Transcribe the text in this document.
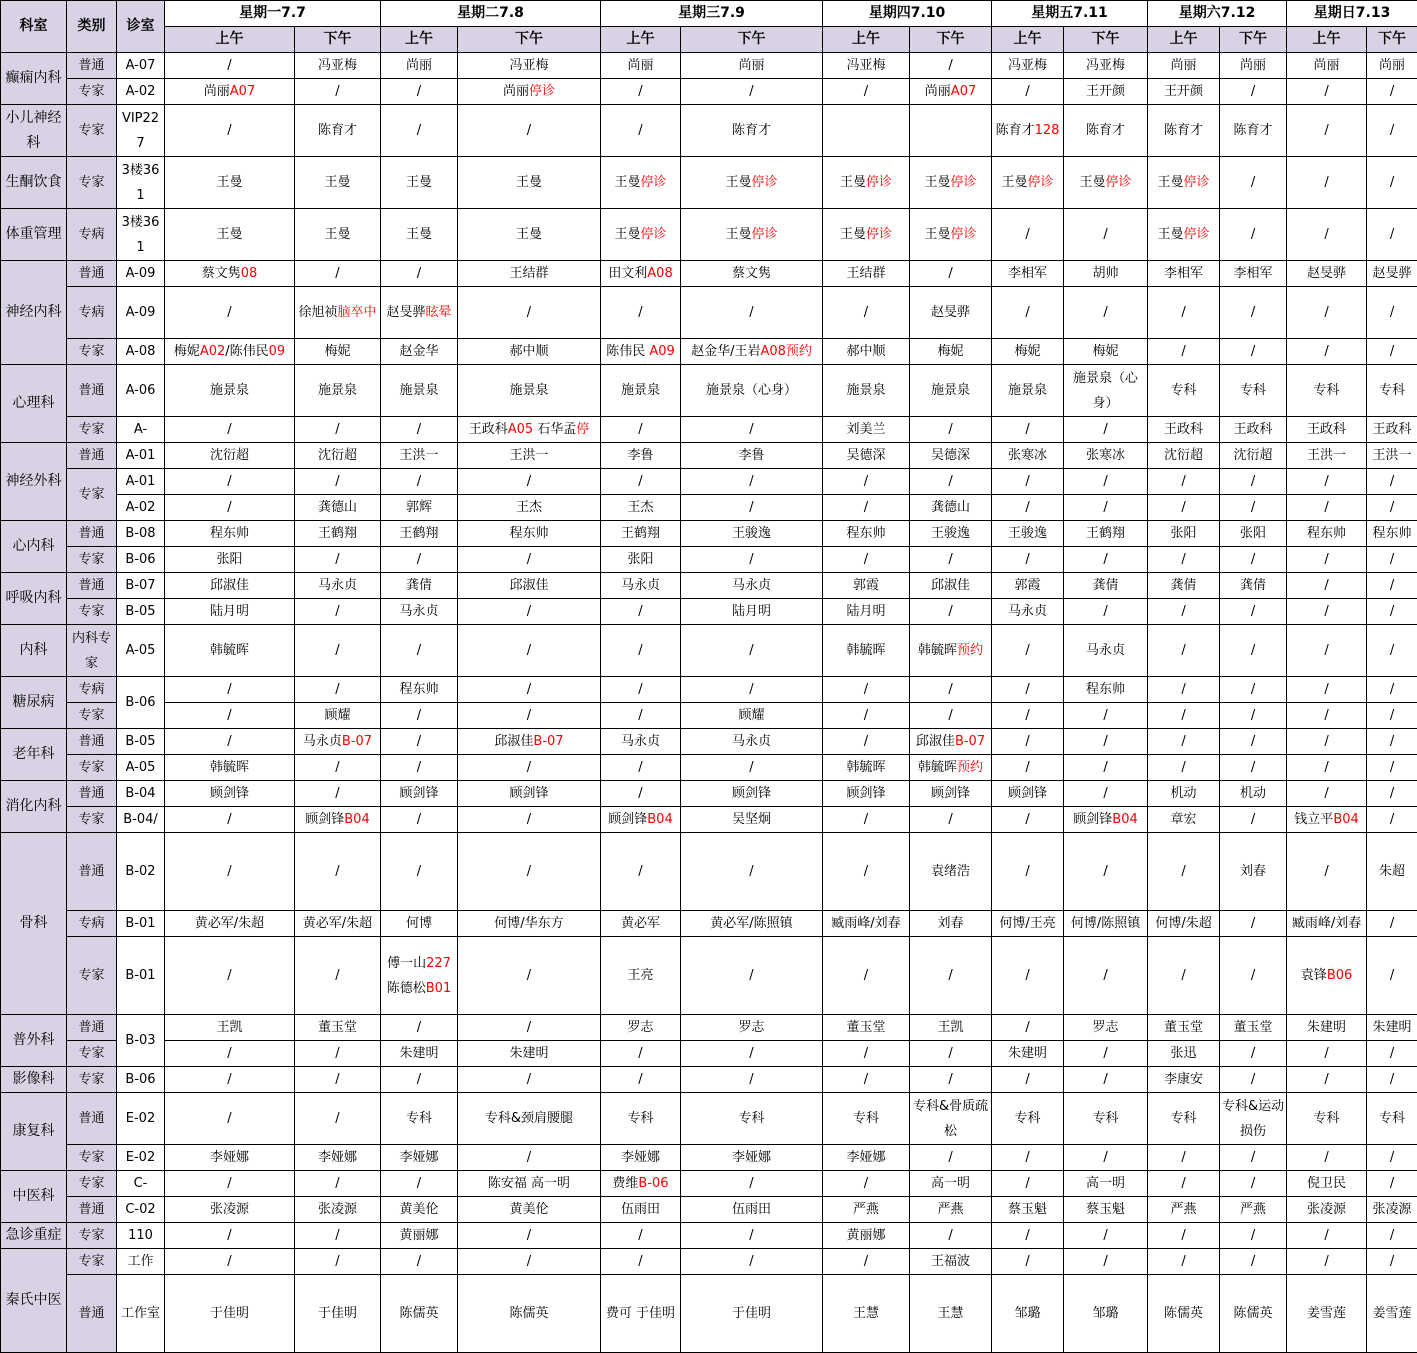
科室	类别	诊室	星期一7.7		星期二7.8		星期三7.9		星期四7.10		星期五7.11		星期六7.12		星期日7.13	
			上午	下午	上午	下午	上午	下午	上午	下午	上午	下午	上午	下午	上午	下午
癫痫内科	普通	A-07	/	冯亚梅	尚丽	冯亚梅	尚丽	尚丽	冯亚梅	/	冯亚梅	冯亚梅	尚丽	尚丽	尚丽	尚丽
	专家	A-02	尚丽A07	/	/	尚丽停诊	/	/	/	尚丽A07	/	王开颜	王开颜	/	/	/
小儿神经科	专家	VIP227	/	陈育才	/	/	/	陈育才			陈育才128	陈育才	陈育才	陈育才	/	/
生酮饮食	专家	3楼361	王曼	王曼	王曼	王曼	王曼停诊	王曼停诊	王曼停诊	王曼停诊	王曼停诊	王曼停诊	王曼停诊	/	/	/
体重管理	专病	3楼361	王曼	王曼	王曼	王曼	王曼停诊	王曼停诊	王曼停诊	王曼停诊	/	/	王曼停诊	/	/	/
神经内科	普通	A-09	蔡文隽08	/	/	王结群	田文利A08	蔡文隽	王结群	/	李相军	胡帅	李相军	李相军	赵旻骅	赵旻骅
	专病	A-09	/	徐旭祯脑卒中	赵旻骅眩晕	/	/	/	/	赵旻骅	/	/	/	/	/	/
	专家	A-08	梅妮A02/陈伟民09	梅妮	赵金华	郝中顺	陈伟民 A09	赵金华/王岩A08预约	郝中顺	梅妮	梅妮	梅妮	/	/	/	/
心理科	普通	A-06	施景泉	施景泉	施景泉	施景泉	施景泉	施景泉（心身）	施景泉	施景泉	施景泉	施景泉（心身）	专科	专科	专科	专科
	专家	A-	/	/	/	王政科A05 石华孟停	/	/	刘美兰	/	/	/	王政科	王政科	王政科	王政科
神经外科	普通	A-01	沈衍超	沈衍超	王洪一	王洪一	李鲁	李鲁	吴德深	吴德深	张寒冰	张寒冰	沈衍超	沈衍超	王洪一	王洪一
	专家	A-01	/	/	/	/	/	/	/	/	/	/	/	/	/	/
		A-02	/	龚德山	郭辉	王杰	王杰	/	/	龚德山	/	/	/	/	/	/
心内科	普通	B-08	程东帅	王鹤翔	王鹤翔	程东帅	王鹤翔	王骏逸	程东帅	王骏逸	王骏逸	王鹤翔	张阳	张阳	程东帅	程东帅
	专家	B-06	张阳	/	/	/	张阳	/	/	/	/	/	/	/	/	/
呼吸内科	普通	B-07	邱淑佳	马永贞	龚倩	邱淑佳	马永贞	马永贞	郭霞	邱淑佳	郭霞	龚倩	龚倩	龚倩	/	/
	专家	B-05	陆月明	/	马永贞	/	/	陆月明	陆月明	/	马永贞	/	/	/	/	/
内科	内科专家	A-05	韩毓晖	/	/	/	/	/	韩毓晖	韩毓晖预约	/	马永贞	/	/	/	/
糖尿病	专病	B-06	/	/	程东帅	/	/	/	/	/	/	程东帅	/	/	/	/
	专家		/	顾耀	/	/	/	顾耀	/	/	/	/	/	/	/	/
老年科	普通	B-05	/	马永贞B-07	/	邱淑佳B-07	马永贞	马永贞	/	邱淑佳B-07	/	/	/	/	/	/
	专家	A-05	韩毓晖	/	/	/	/	/	韩毓晖	韩毓晖预约	/	/	/	/	/	/
消化内科	普通	B-04	顾剑锋	/	顾剑锋	顾剑锋	/	顾剑锋	顾剑锋	顾剑锋	顾剑锋	/	机动	机动	/	/
	专家	B-04/	/	顾剑锋B04	/	/	顾剑锋B04	吴坚炯	/	/	/	顾剑锋B04	章宏	/	钱立平B04	/
骨科	普通	B-02	/	/	/	/	/	/	/	袁绪浩	/	/	/	刘春	/	朱超
	专病	B-01	黄必军/朱超	黄必军/朱超	何博	何博/华东方	黄必军	黄必军/陈照镇	臧雨峰/刘春	刘春	何博/王亮	何博/陈照镇	何博/朱超	/	臧雨峰/刘春	/
	专家	B-01	/	/	傅一山227陈德松B01	/	王亮	/	/	/	/	/	/	/	袁锋B06	/
普外科	普通	B-03	王凯	董玉堂	/	/	罗志	罗志	董玉堂	王凯	/	罗志	董玉堂	董玉堂	朱建明	朱建明
	专家		/	/	朱建明	朱建明	/	/	/	/	朱建明	/	张迅	/	/	/
影像科	专家	B-06	/	/	/	/	/	/	/	/	/	/	李康安	/	/	/
康复科	普通	E-02	/	/	专科	专科&颈肩腰腿	专科	专科	专科	专科&骨质疏松	专科	专科	专科	专科&运动损伤	专科	专科
	专家	E-02	李娅娜	李娅娜	李娅娜	/	李娅娜	李娅娜	李娅娜	/	/	/	/	/	/	/
中医科	专家	C-	/	/	/	陈安福 高一明	费维B-06	/	/	高一明	/	高一明	/	/	倪卫民	/
	普通	C-02	张凌源	张凌源	黄美伦	黄美伦	伍雨田	伍雨田	严燕	严燕	蔡玉魁	蔡玉魁	严燕	严燕	张凌源	张凌源
急诊重症	专家	110	/	/	黄丽娜	/	/	/	黄丽娜	/	/	/	/	/	/	/
秦氏中医	专家	工作	/	/	/	/	/	/	/	王福波	/	/	/	/	/	/
	普通	工作室	于佳明	于佳明	陈儒英	陈儒英	费可 于佳明	于佳明	王慧	王慧	邹璐	邹璐	陈儒英	陈儒英	姜雪莲	姜雪莲
